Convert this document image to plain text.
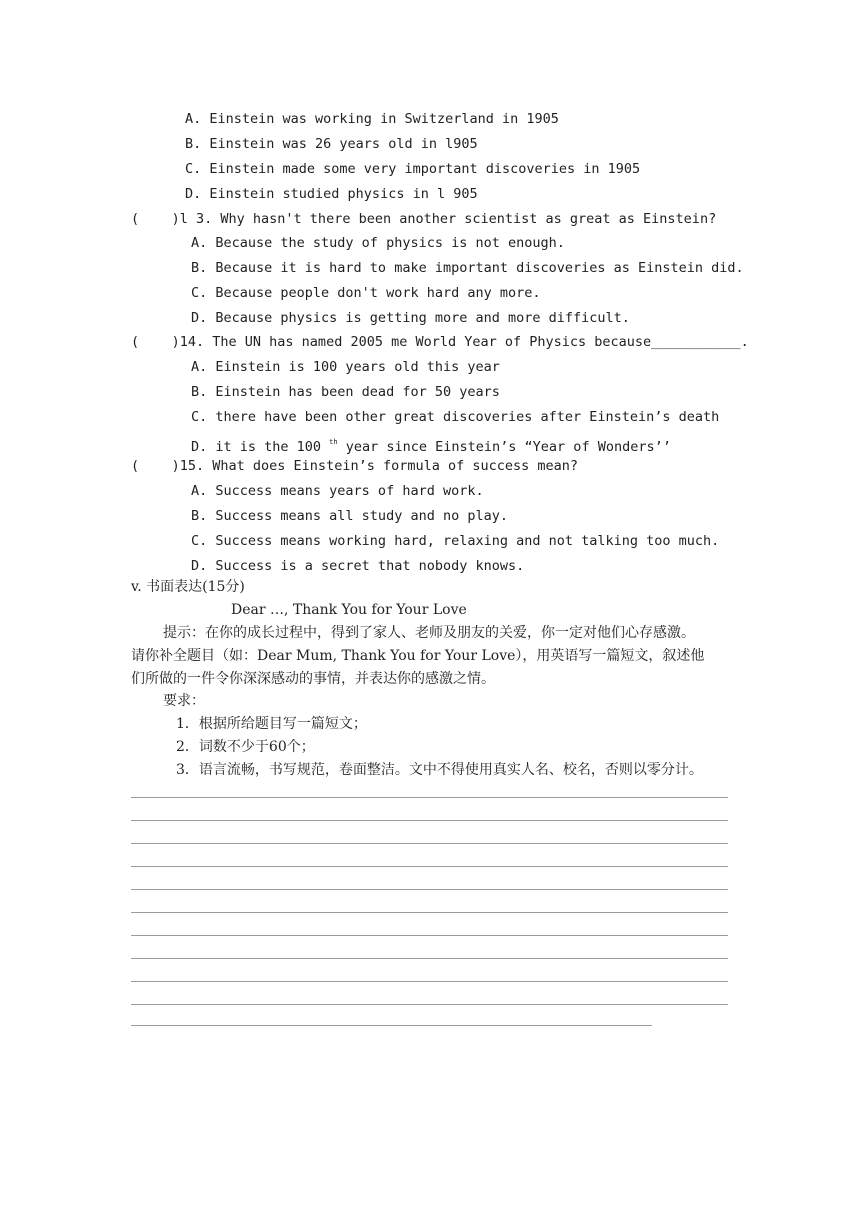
A. Einstein was working in Switzerland in 1905
B. Einstein was 26 years old in l905
C. Einstein made some very important discoveries in 1905
D. Einstein studied physics in l 905
(    )l 3. Why hasn't there been another scientist as great as Einstein?
A. Because the study of physics is not enough.
B. Because it is hard to make important discoveries as Einstein did.
C. Because people don't work hard any more.
D. Because physics is getting more and more difficult.
(    )14. The UN has named 2005 me World Year of Physics because___________.
A. Einstein is 100 years old this year
B. Einstein has been dead for 50 years
C. there have been other great discoveries after Einstein’s death
D. it is the 100 $^{th}$ year since Einstein’s “Year of Wonders’’
(    )15. What does Einstein’s formula of success mean?
A. Success means years of hard work.
B. Success means all study and no play.
C. Success means working hard, relaxing and not talking too much.
D. Success is a secret that nobody knows.
v. 书面表达(15分)
Dear …, Thank You for Your Love
提示：在你的成长过程中，得到了家人、老师及朋友的关爱，你一定对他们心存感激。
请你补全题目（如：Dear Mum, Thank You for Your Love），用英语写一篇短文，叙述他
们所做的一件令你深深感动的事情，并表达你的感激之情。
要求：
1．根据所给题目写一篇短文；
2．词数不少于60个；
3．语言流畅，书写规范，卷面整洁。文中不得使用真实人名、校名，否则以零分计。
